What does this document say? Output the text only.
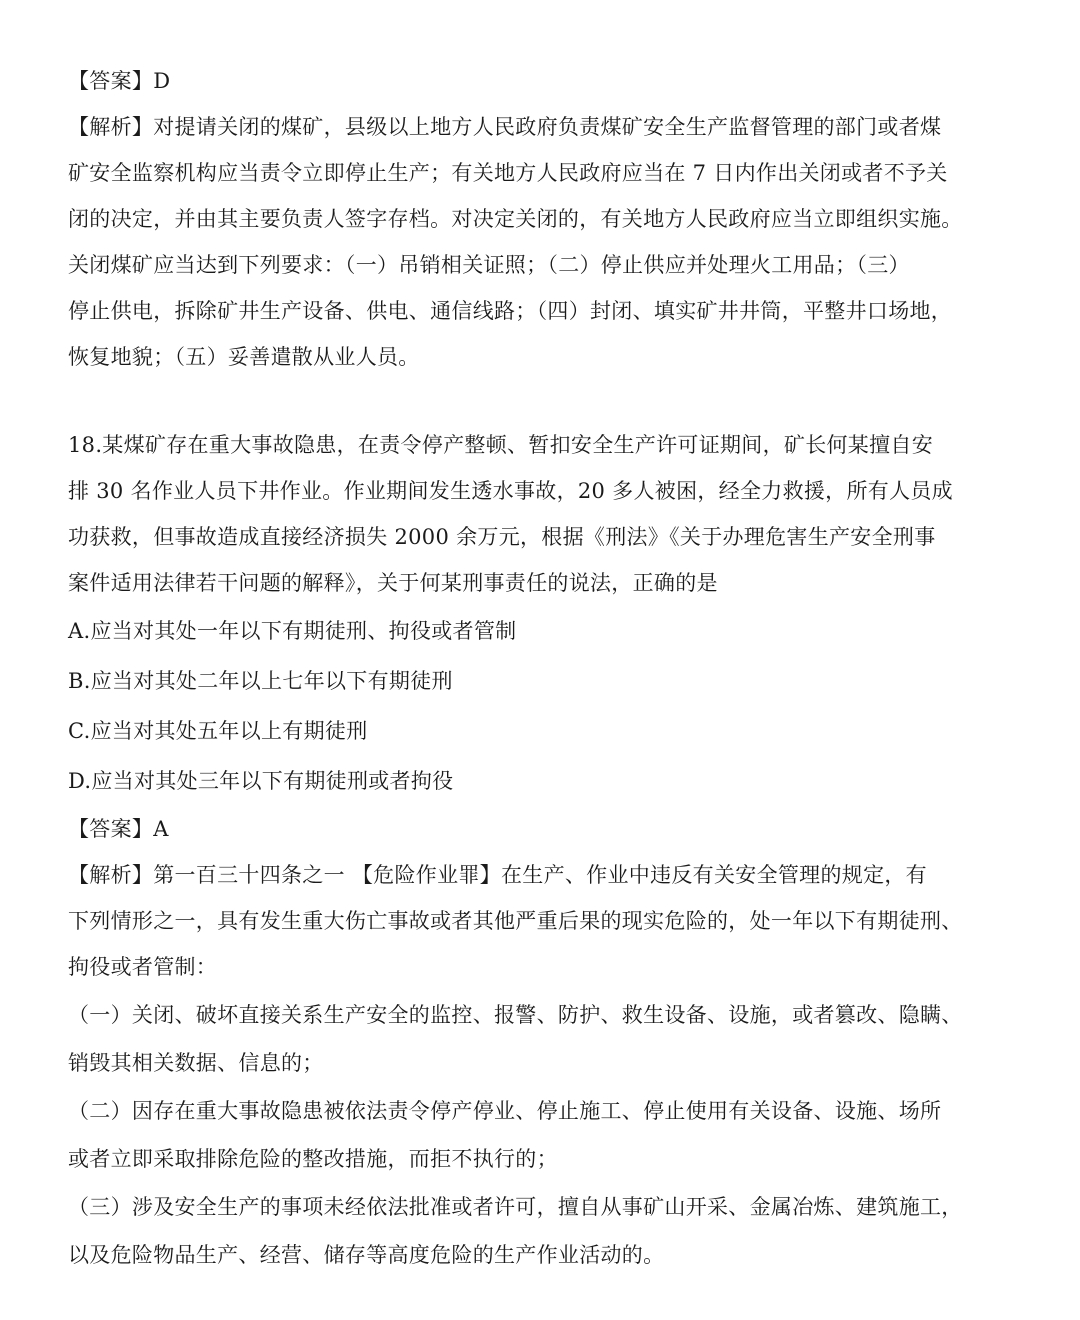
【答案】D
【解析】对提请关闭的煤矿，县级以上地方人民政府负责煤矿安全生产监督管理的部门或者煤
矿安全监察机构应当责令立即停止生产；有关地方人民政府应当在 7 日内作出关闭或者不予关
闭的决定，并由其主要负责人签字存档。对决定关闭的，有关地方人民政府应当立即组织实施。
关闭煤矿应当达到下列要求：（一）吊销相关证照；（二）停止供应并处理火工用品；（三）
停止供电，拆除矿井生产设备、供电、通信线路；（四）封闭、填实矿井井筒，平整井口场地，
恢复地貌；（五）妥善遣散从业人员。
18.某煤矿存在重大事故隐患，在责令停产整顿、暂扣安全生产许可证期间，矿长何某擅自安
排 30 名作业人员下井作业。作业期间发生透水事故，20 多人被困，经全力救援，所有人员成
功获救，但事故造成直接经济损失 2000 余万元，根据《刑法》《关于办理危害生产安全刑事
案件适用法律若干问题的解释》，关于何某刑事责任的说法，正确的是
A.应当对其处一年以下有期徒刑、拘役或者管制
B.应当对其处二年以上七年以下有期徒刑
C.应当对其处五年以上有期徒刑
D.应当对其处三年以下有期徒刑或者拘役
【答案】A
【解析】第一百三十四条之一 【危险作业罪】在生产、作业中违反有关安全管理的规定，有
下列情形之一，具有发生重大伤亡事故或者其他严重后果的现实危险的，处一年以下有期徒刑、
拘役或者管制：
（一）关闭、破坏直接关系生产安全的监控、报警、防护、救生设备、设施，或者篡改、隐瞒、
销毁其相关数据、信息的；
（二）因存在重大事故隐患被依法责令停产停业、停止施工、停止使用有关设备、设施、场所
或者立即采取排除危险的整改措施，而拒不执行的；
（三）涉及安全生产的事项未经依法批准或者许可，擅自从事矿山开采、金属冶炼、建筑施工，
以及危险物品生产、经营、储存等高度危险的生产作业活动的。
